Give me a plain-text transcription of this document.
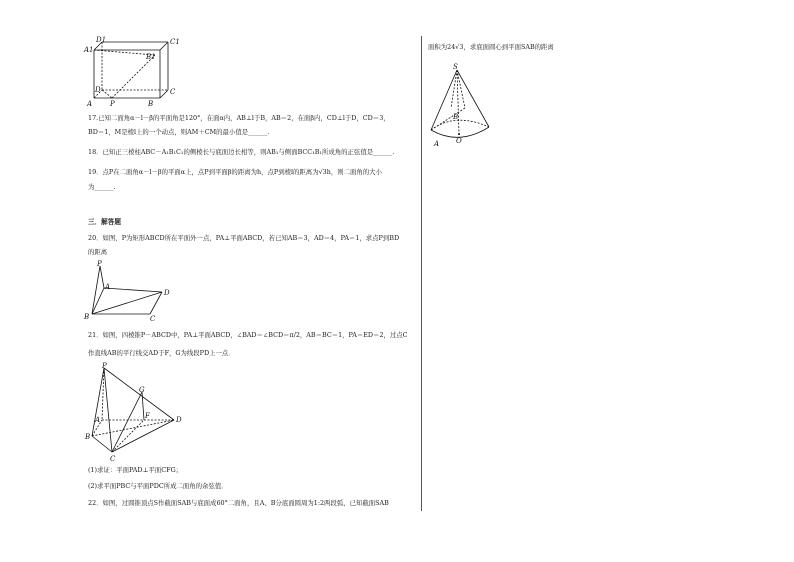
A1
D1	C1
B1
A
D
P	B
C
17.已知二面角α－l－β的平面角是120°，在面α内，AB⊥l于B，AB＝2，在面β内，CD⊥l于D，CD＝3，
BD＝1，M是棱l上的一个动点，则AM＋CM的最小值是______.
18．已知正三棱柱ABC－A₁B₁C₁的侧棱长与底面边长相等，则AB₁与侧面BCC₁B₁所成角的正弦值是______.
19．点P在二面角α－l－β的平面α上，点P到平面β的距离为h，点P到棱l的距离为√3h，则二面角的大小
为______.
三．解答题
20．如图，P为矩形ABCD所在平面外一点，PA⊥平面ABCD，若已知AB＝3，AD＝4，PA＝1，求点P到BD
的距离
P
A
D
B	C
21．如图，四棱锥P－ABCD中，PA⊥平面ABCD，∠BAD＝∠BCD＝π/2，AB＝BC＝1，PA＝ED＝2，过点C
作直线AB的平行线交AD于F，G为线段PD上一点．
P
G
F
A
B
C
D
(1)求证：平面PAD⊥平面CFG；
(2)求平面PBC与平面PDC所成二面角的余弦值．
22．如图，过圆锥顶点S作截面SAB与底面成60°二面角，且A、B分底面圆周为1:2两段弧，已知截面SAB
面积为24√3，求底面圆心到平面SAB的距离
S
B
A O
